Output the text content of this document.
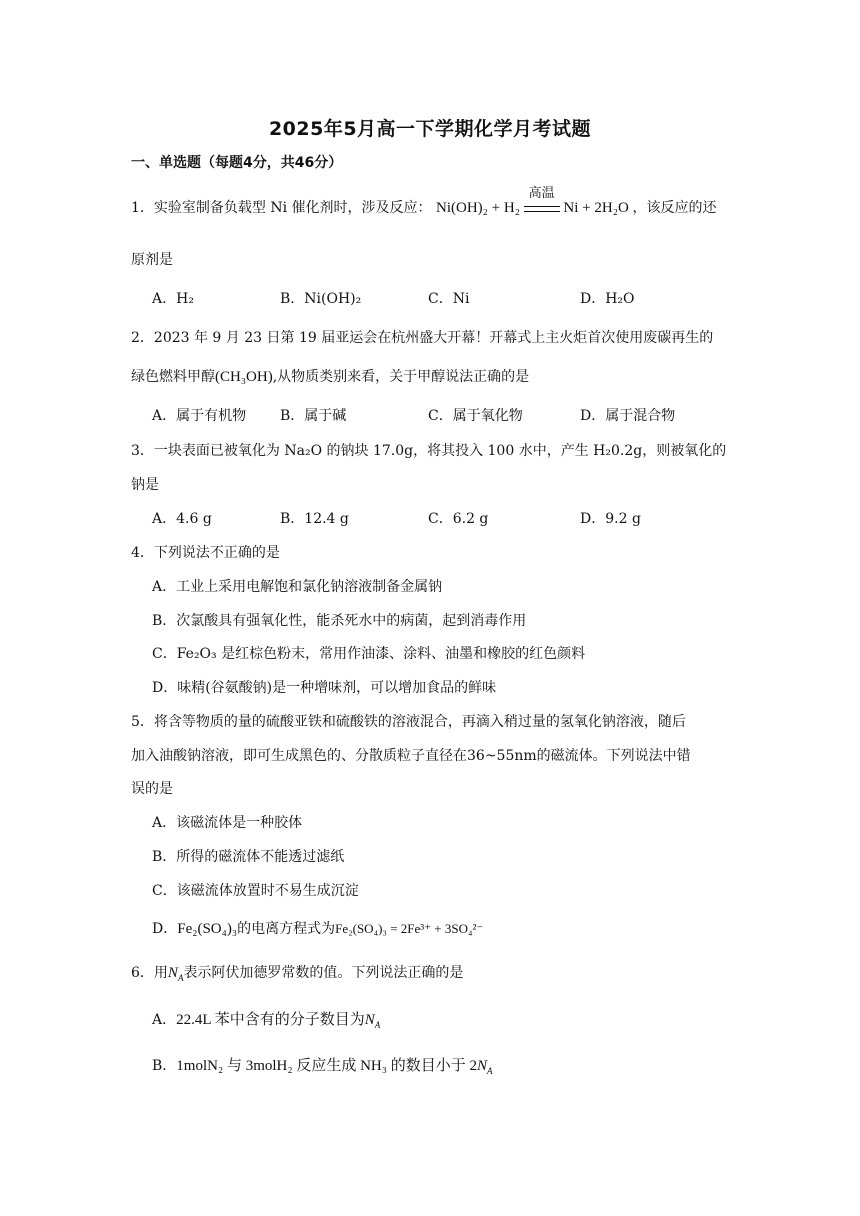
2025年5月高一下学期化学月考试题
一、单选题（每题4分，共46分）
1．实验室制备负载型 Ni 催化剂时，涉及反应： Ni(OH)₂ + H₂
高温
Ni + 2H₂O ，该反应的还
原剂是
A．H₂	B．Ni(OH)₂	C．Ni	D．H₂O
2．2023 年 9 月 23 日第 19 届亚运会在杭州盛大开幕！开幕式上主火炬首次使用废碳再生的
绿色燃料甲醇(CH₃OH),从物质类别来看，关于甲醇说法正确的是
A．属于有机物 B．属于碱	C．属于氧化物	D．属于混合物
3．一块表面已被氧化为 Na₂O 的钠块 17.0g，将其投入 100 水中，产生 H₂0.2g，则被氧化的
钠是
A．4.6 g	B．12.4 g	C．6.2 g	D．9.2 g
4．下列说法不正确的是
A．工业上采用电解饱和氯化钠溶液制备金属钠
B．次氯酸具有强氧化性，能杀死水中的病菌，起到消毒作用
C．Fe₂O₃ 是红棕色粉末，常用作油漆、涂料、油墨和橡胶的红色颜料
D．味精(谷氨酸钠)是一种增味剂，可以增加食品的鲜味
5．将含等物质的量的硫酸亚铁和硫酸铁的溶液混合，再滴入稍过量的氢氧化钠溶液，随后
加入油酸钠溶液，即可生成黑色的、分散质粒子直径在36~55nm的磁流体。下列说法中错
误的是
A．该磁流体是一种胶体
B．所得的磁流体不能透过滤纸
C．该磁流体放置时不易生成沉淀
D．Fe₂(SO₄)₃的电离方程式为Fe₂(SO₄)₃ = 2Fe³⁺ + 3SO₄²⁻
6．用$N_A$表示阿伏加德罗常数的值。下列说法正确的是
A．22.4L 苯中含有的分子数目为$N_A$
B．1molN₂ 与 3molH₂ 反应生成 NH₃ 的数目小于 $2N_A$
